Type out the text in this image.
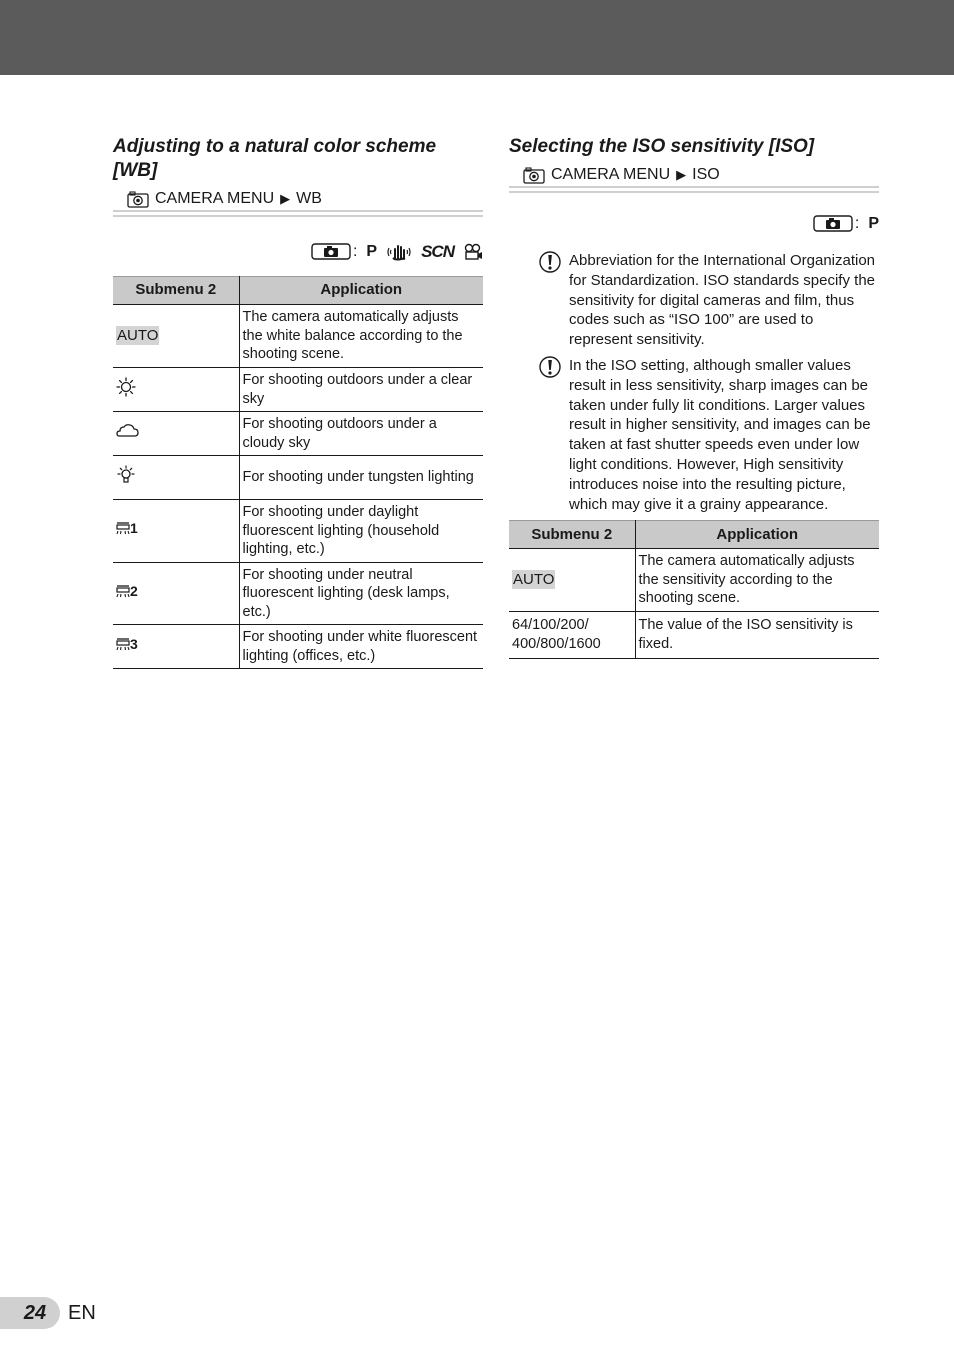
Adjusting to a natural color scheme [WB]
CAMERA MENU ▶ WB
: P	SCN
Submenu 2	Application
AUTO	The camera automatically adjusts the white balance according to the shooting scene.
	For shooting outdoors under a clear sky
	For shooting outdoors under a cloudy sky
	For shooting under tungsten lighting

1	For shooting under daylight fluorescent lighting (household lighting, etc.)

2	For shooting under neutral fluorescent lighting (desk lamps, etc.)

3	For shooting under white fluorescent lighting (offices, etc.)
Selecting the ISO sensitivity [ISO]
CAMERA MENU ▶ ISO
: P
Abbreviation for the International Organization for Standardization. ISO standards specify the sensitivity for digital cameras and film, thus codes such as “ISO 100” are used to represent sensitivity.
In the ISO setting, although smaller values result in less sensitivity, sharp images can be taken under fully lit conditions. Larger values result in higher sensitivity, and images can be taken at fast shutter speeds even under low light conditions. However, High sensitivity introduces noise into the resulting picture, which may give it a grainy appearance.
Submenu 2	Application
AUTO	The camera automatically adjusts the sensitivity according to the shooting scene.

64/100/200/
400/800/1600	The value of the ISO sensitivity is fixed.
24	EN
